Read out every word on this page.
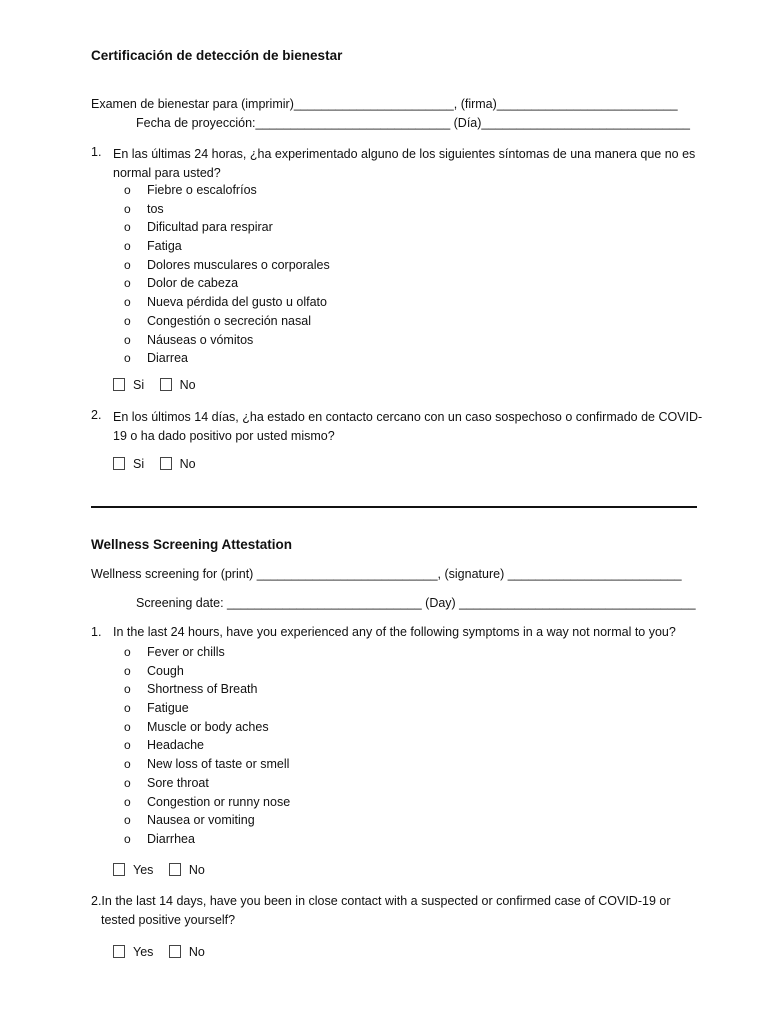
Certificación de detección de bienestar
Examen de bienestar para (imprimir)_______________________, (firma)__________________________
Fecha de proyección:____________________________ (Día)______________________________
1. En las últimas 24 horas, ¿ha experimentado alguno de los siguientes síntomas de una manera que no es normal para usted?
o Fiebre o escalofríos
o tos
o Dificultad para respirar
o Fatiga
o Dolores musculares o corporales
o Dolor de cabeza
o Nueva pérdida del gusto u olfato
o Congestión o secreción nasal
o Náuseas o vómitos
o Diarrea
Si	No
2. En los últimos 14 días, ¿ha estado en contacto cercano con un caso sospechoso o confirmado de COVID-19 o ha dado positivo por usted mismo?
Si	No
Wellness Screening Attestation
Wellness screening for (print) __________________________, (signature) _________________________
Screening date: ____________________________ (Day) __________________________________
1. In the last 24 hours, have you experienced any of the following symptoms in a way not normal to you?
o Fever or chills
o Cough
o Shortness of Breath
o Fatigue
o Muscle or body aches
o Headache
o New loss of taste or smell
o Sore throat
o Congestion or runny nose
o Nausea or vomiting
o Diarrhea
Yes	No
2.In the last 14 days, have you been in close contact with a suspected or confirmed case of COVID-19 or tested positive yourself?
Yes	No
